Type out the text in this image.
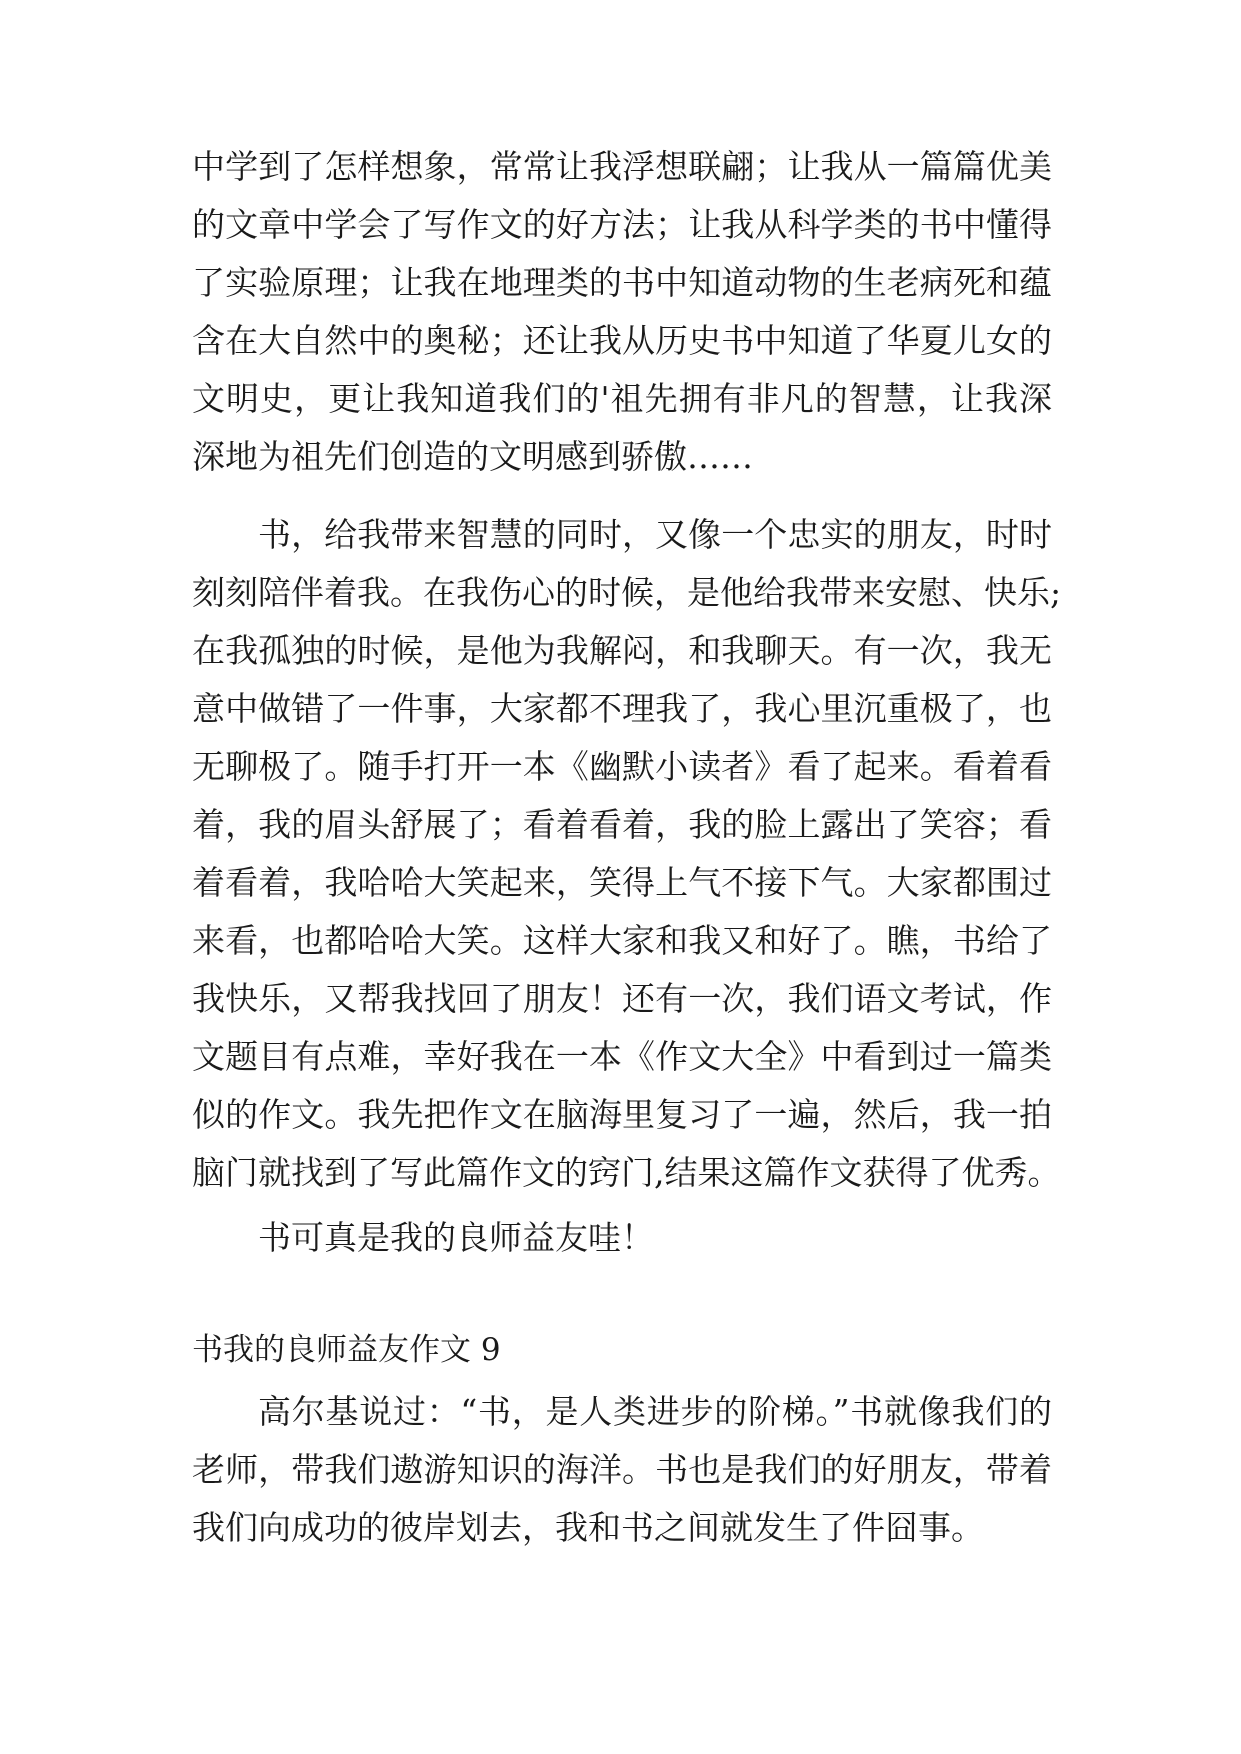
中学到了怎样想象，常常让我浮想联翩；让我从一篇篇优美
的文章中学会了写作文的好方法；让我从科学类的书中懂得
了实验原理；让我在地理类的书中知道动物的生老病死和蕴
含在大自然中的奥秘；还让我从历史书中知道了华夏儿女的
文明史，更让我知道我们的'祖先拥有非凡的智慧，让我深
深地为祖先们创造的文明感到骄傲……
书，给我带来智慧的同时，又像一个忠实的朋友，时时
刻刻陪伴着我。在我伤心的时候，是他给我带来安慰、快乐;
在我孤独的时候，是他为我解闷，和我聊天。有一次，我无
意中做错了一件事，大家都不理我了，我心里沉重极了，也
无聊极了。随手打开一本《幽默小读者》看了起来。看着看
着，我的眉头舒展了；看着看着，我的脸上露出了笑容；看
着看着，我哈哈大笑起来，笑得上气不接下气。大家都围过
来看，也都哈哈大笑。这样大家和我又和好了。瞧，书给了
我快乐，又帮我找回了朋友！还有一次，我们语文考试，作
文题目有点难，幸好我在一本《作文大全》中看到过一篇类
似的作文。我先把作文在脑海里复习了一遍，然后，我一拍
脑门就找到了写此篇作文的窍门,结果这篇作文获得了优秀。
书可真是我的良师益友哇！
书我的良师益友作文 9
高尔基说过：“书，是人类进步的阶梯。”书就像我们的
老师，带我们遨游知识的海洋。书也是我们的好朋友，带着
我们向成功的彼岸划去，我和书之间就发生了件囧事。
